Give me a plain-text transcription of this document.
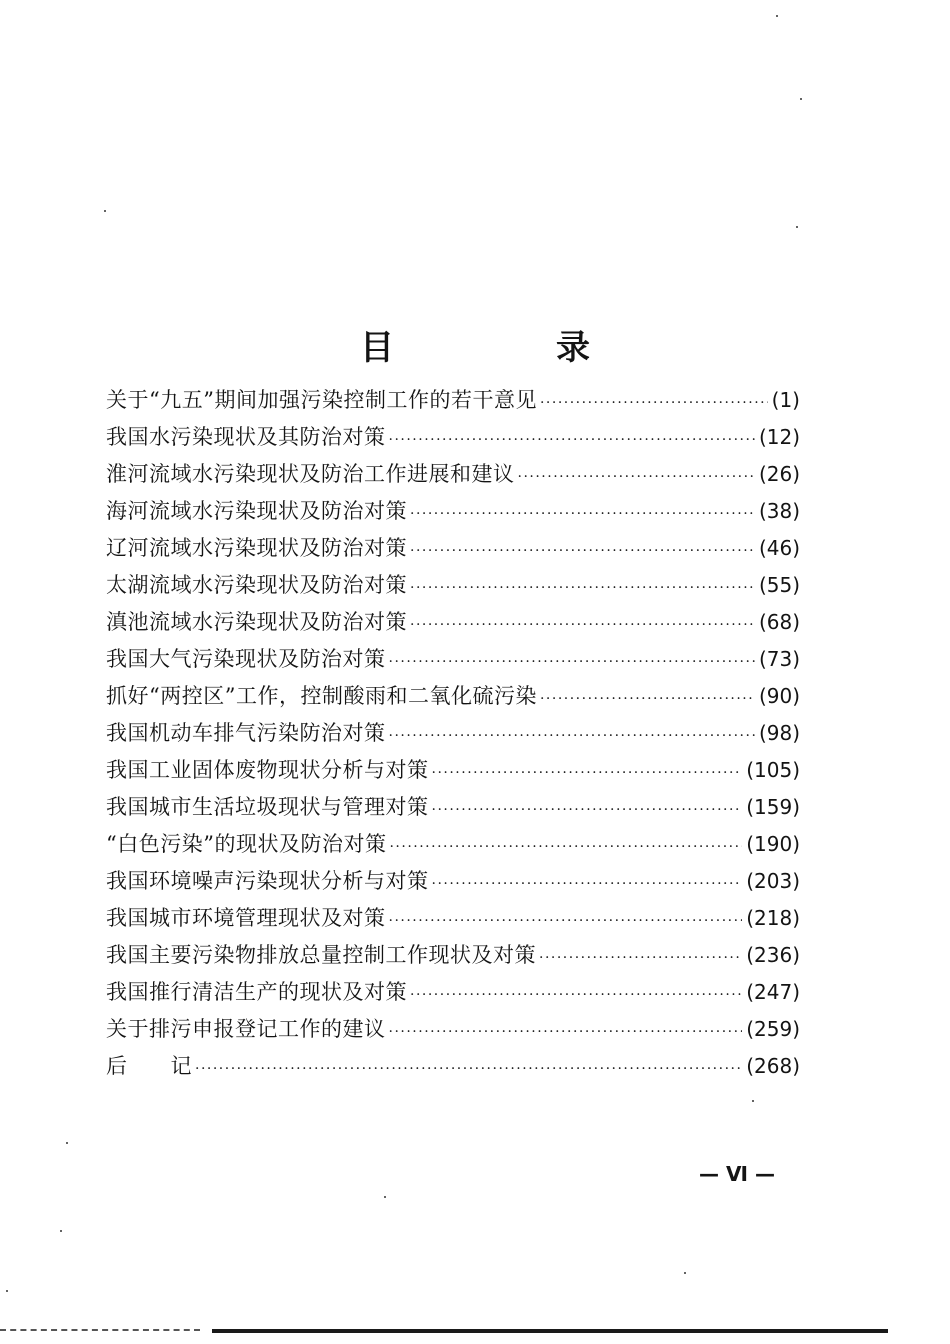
目　录
关于“九五”期间加强污染控制工作的若干意见 ·····	(1)
我国水污染现状及其防治对策 ·····	(12)
淮河流域水污染现状及防治工作进展和建议 ·····	(26)
海河流域水污染现状及防治对策 ·····	(38)
辽河流域水污染现状及防治对策 ·····	(46)
太湖流域水污染现状及防治对策 ·····	(55)
滇池流域水污染现状及防治对策 ·····	(68)
我国大气污染现状及防治对策 ·····	(73)
抓好“两控区”工作，控制酸雨和二氧化硫污染 ·····	(90)
我国机动车排气污染防治对策 ·····	(98)
我国工业固体废物现状分析与对策 ·····	(105)
我国城市生活垃圾现状与管理对策 ·····	(159)
“白色污染”的现状及防治对策 ·····	(190)
我国环境噪声污染现状分析与对策 ·····	(203)
我国城市环境管理现状及对策 ·····	(218)
我国主要污染物排放总量控制工作现状及对策 ·····	(236)
我国推行清洁生产的现状及对策 ·····	(247)
关于排污申报登记工作的建议 ·····	(259)
后　　记 ·····	(268)
— Ⅵ —
